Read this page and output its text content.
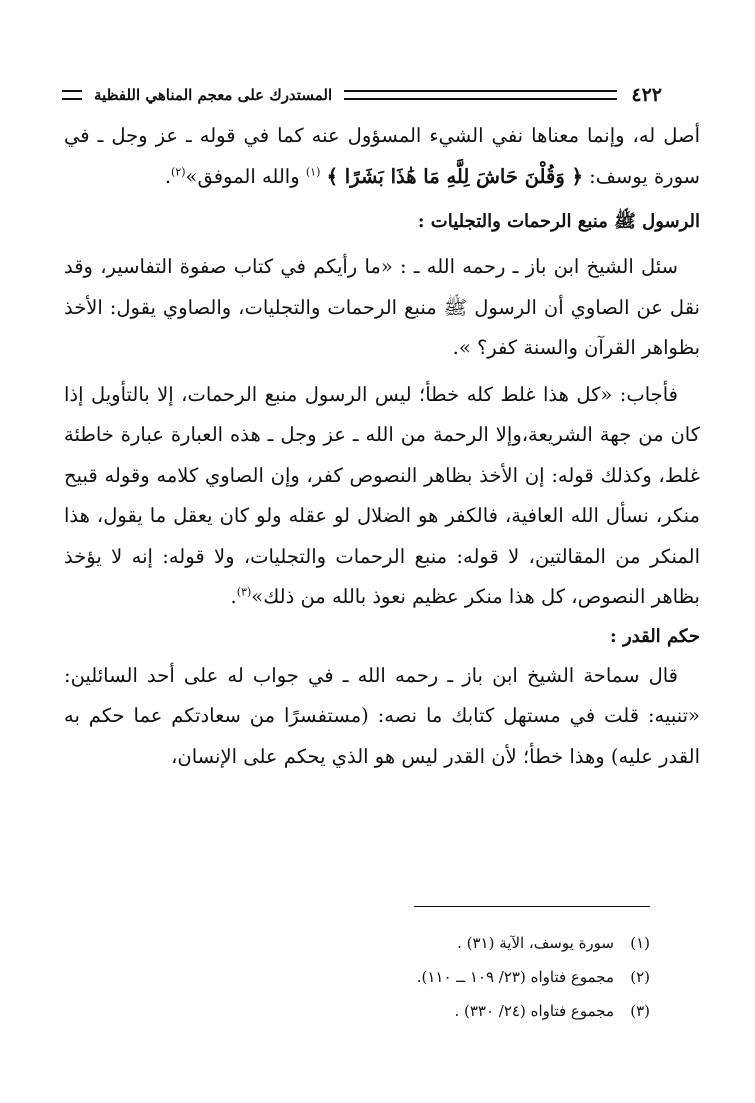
٤٢٢
المستدرك على معجم المناهي اللفظية

أصل له، وإنما معناها نفي الشيء المسؤول عنه كما في قوله ـ عز وجل ـ في سورة يوسف: ﴿ وَقُلْنَ حَاشَ لِلَّهِ مَا هَٰذَا بَشَرًا ﴾ $^{(١)}$ والله الموفق»$^{(٢)}$.

الرسول ﷺ منبع الرحمات والتجليات :

سئل الشيخ ابن باز ـ رحمه الله ـ : «ما رأيكم في كتاب صفوة التفاسير، وقد نقل عن الصاوي أن الرسول ﷺ منبع الرحمات والتجليات، والصاوي يقول: الأخذ بظواهر القرآن والسنة كفر؟ ».

فأجاب: «كل هذا غلط كله خطأ؛ ليس الرسول منبع الرحمات، إلا بالتأويل إذا كان من جهة الشريعة،وإلا الرحمة من الله ـ عز وجل ـ هذه العبارة عبارة خاطئة غلط، وكذلك قوله: إن الأخذ بظاهر النصوص كفر، وإن الصاوي كلامه وقوله قبيح منكر، نسأل الله العافية، فالكفر هو الضلال لو عقله ولو كان يعقل ما يقول، هذا المنكر من المقالتين، لا قوله: منبع الرحمات والتجليات، ولا قوله: إنه لا يؤخذ بظاهر النصوص، كل هذا منكر عظيم نعوذ بالله من ذلك»$^{(٣)}$.

حكم القدر :

قال سماحة الشيخ ابن باز ـ رحمه الله ـ في جواب له على أحد السائلين: «تنبيه: قلت في مستهل كتابك ما نصه: (مستفسرًا من سعادتكم عما حكم به القدر عليه) وهذا خطأ؛ لأن القدر ليس هو الذي يحكم على الإنسان،

(١)سورة يوسف، الآية (٣١) .

(٢)مجموع فتاواه (٢٣/ ١٠٩ ــ ١١٠).

(٣)مجموع فتاواه (٢٤/ ٣٣٠) .
